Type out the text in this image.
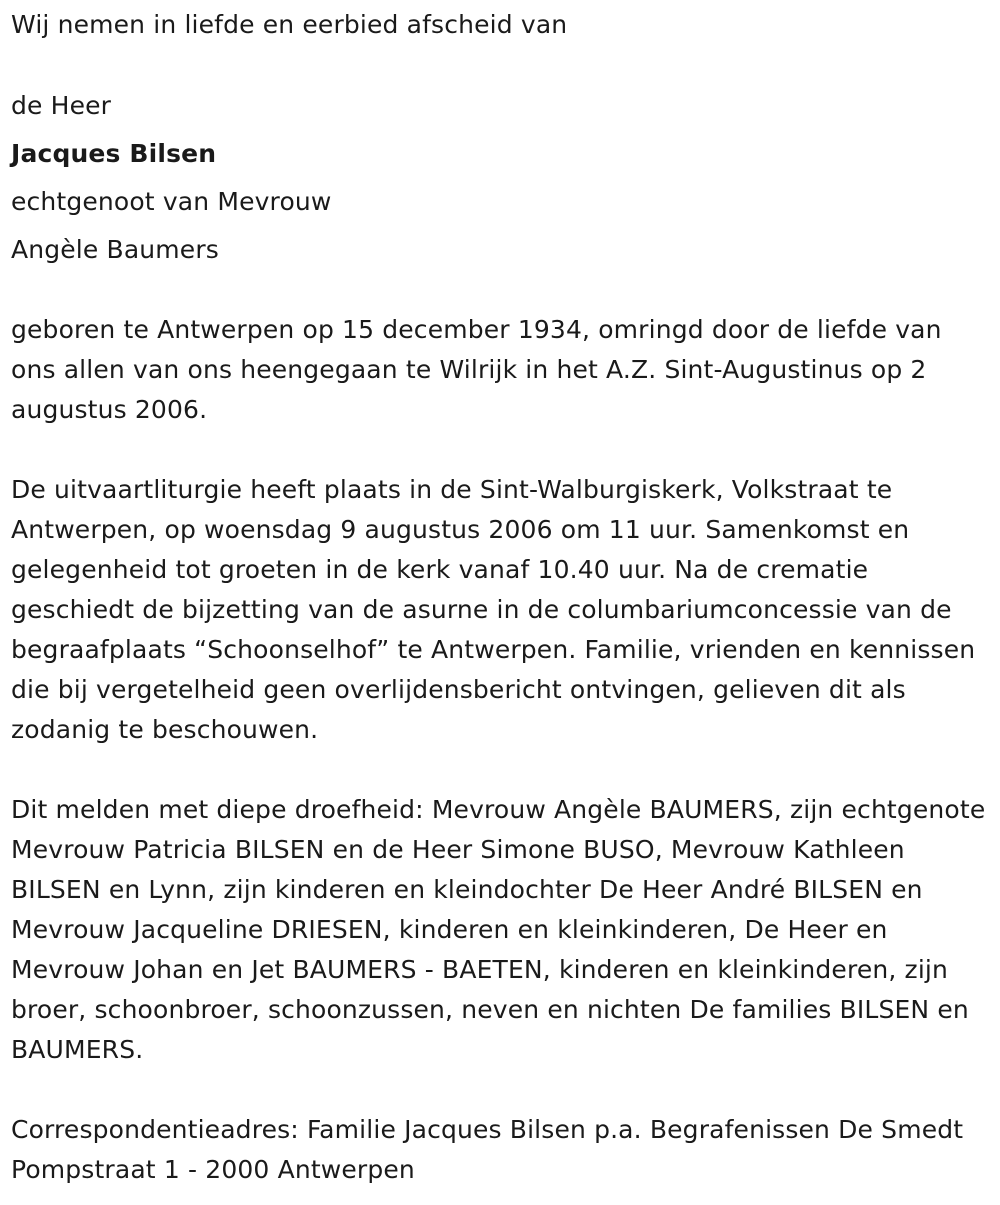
Wij nemen in liefde en eerbied afscheid van
de Heer
Jacques Bilsen
echtgenoot van Mevrouw
Angèle Baumers

geboren te Antwerpen op 15 december 1934, omringd door de liefde van ons allen van ons heengegaan te Wilrijk in het A.Z. Sint-Augustinus op 2 augustus 2006.

De uitvaartliturgie heeft plaats in de Sint-Walburgiskerk, Volkstraat te Antwerpen, op woensdag 9 augustus 2006 om 11 uur. Samenkomst en gelegenheid tot groeten in de kerk vanaf 10.40 uur. Na de crematie geschiedt de bijzetting van de asurne in de columbariumconcessie van de begraafplaats “Schoonselhof” te Antwerpen. Familie, vrienden en kennissen die bij vergetelheid geen overlijdensbericht ontvingen, gelieven dit als zodanig te beschouwen.

Dit melden met diepe droefheid: Mevrouw Angèle BAUMERS, zijn echtgenote Mevrouw Patricia BILSEN en de Heer Simone BUSO, Mevrouw Kathleen BILSEN en Lynn, zijn kinderen en kleindochter De Heer André BILSEN en Mevrouw Jacqueline DRIESEN, kinderen en kleinkinderen, De Heer en Mevrouw Johan en Jet BAUMERS - BAETEN, kinderen en kleinkinderen, zijn broer, schoonbroer, schoonzussen, neven en nichten De families BILSEN en BAUMERS.

Correspondentieadres: Familie Jacques Bilsen p.a. Begrafenissen De Smedt Pompstraat 1 - 2000 Antwerpen
